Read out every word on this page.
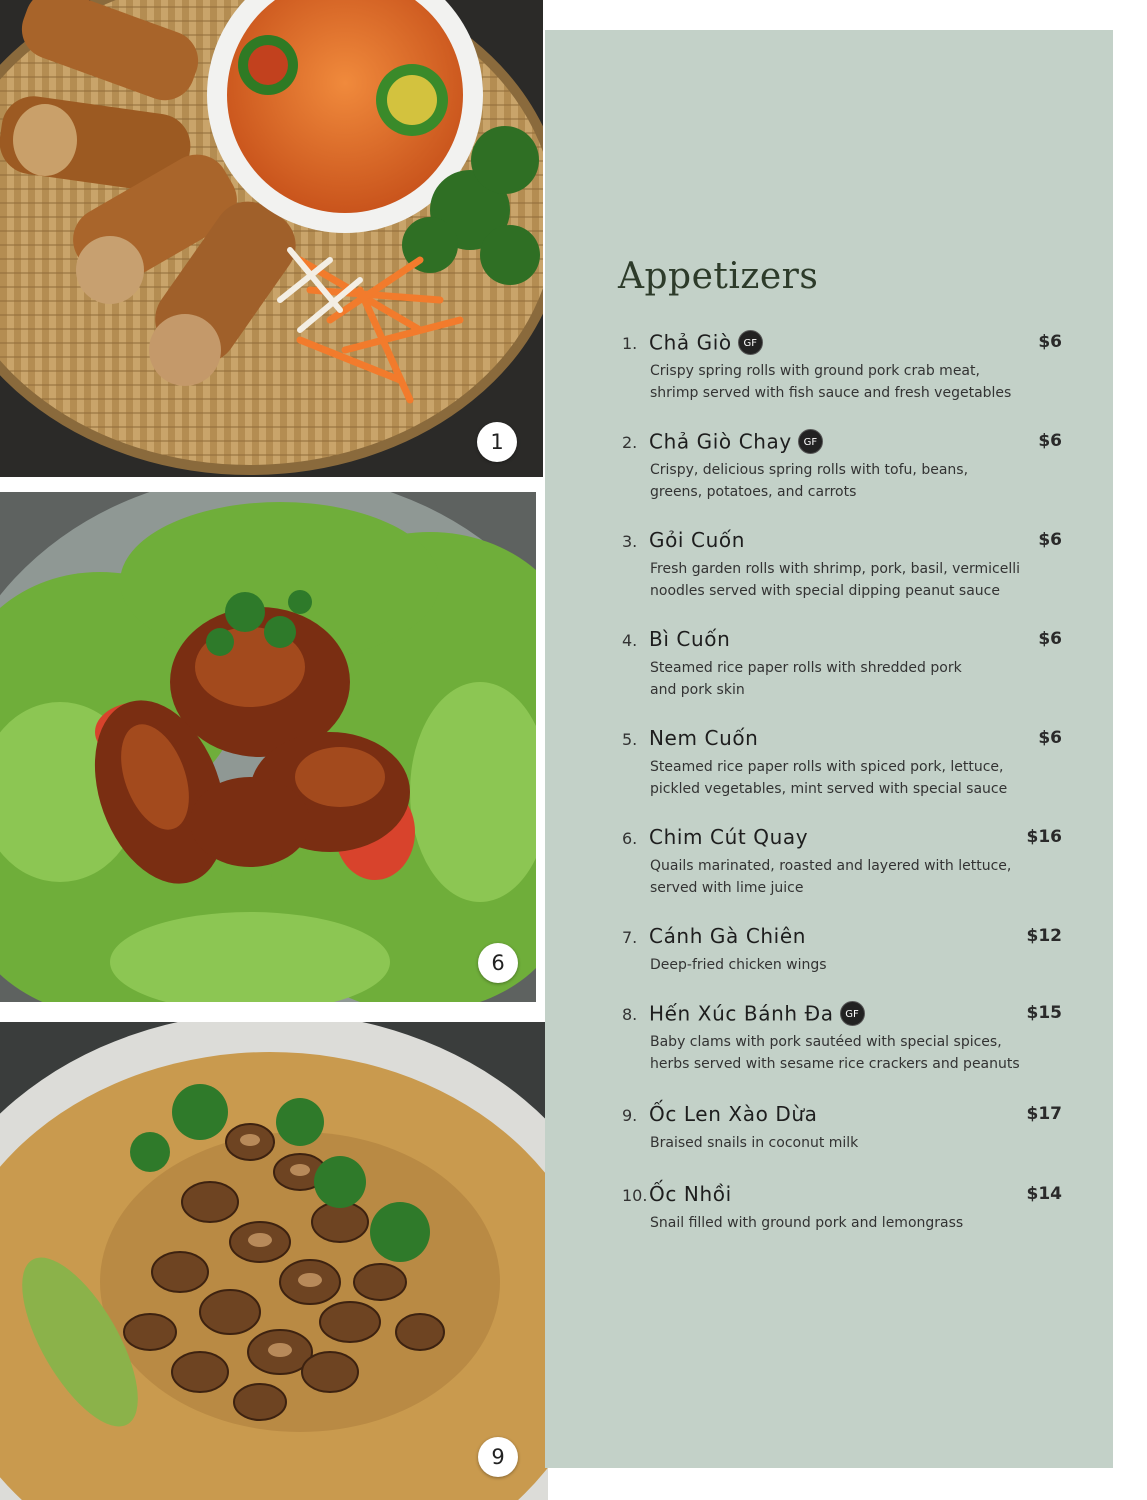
1
6
9
Appetizers
1. Chả Giò GF	$6
Crispy spring rolls with ground pork crab meat,
shrimp served with fish sauce and fresh vegetables
2. Chả Giò Chay GF	$6
Crispy, delicious spring rolls with tofu, beans,
greens, potatoes, and carrots
3. Gỏi Cuốn	$6
Fresh garden rolls with shrimp, pork, basil, vermicelli
noodles served with special dipping peanut sauce
4. Bì Cuốn	$6
Steamed rice paper rolls with shredded pork
and pork skin
5. Nem Cuốn	$6
Steamed rice paper rolls with spiced pork, lettuce,
pickled vegetables, mint served with special sauce
6. Chim Cút Quay	$16
Quails marinated, roasted and layered with lettuce,
served with lime juice
7. Cánh Gà Chiên	$12
Deep-fried chicken wings
8. Hến Xúc Bánh Đa GF	$15
Baby clams with pork sautéed with special spices,
herbs served with sesame rice crackers and peanuts
9. Ốc Len Xào Dừa	$17
Braised snails in coconut milk
10. Ốc Nhồi	$14
Snail filled with ground pork and lemongrass
